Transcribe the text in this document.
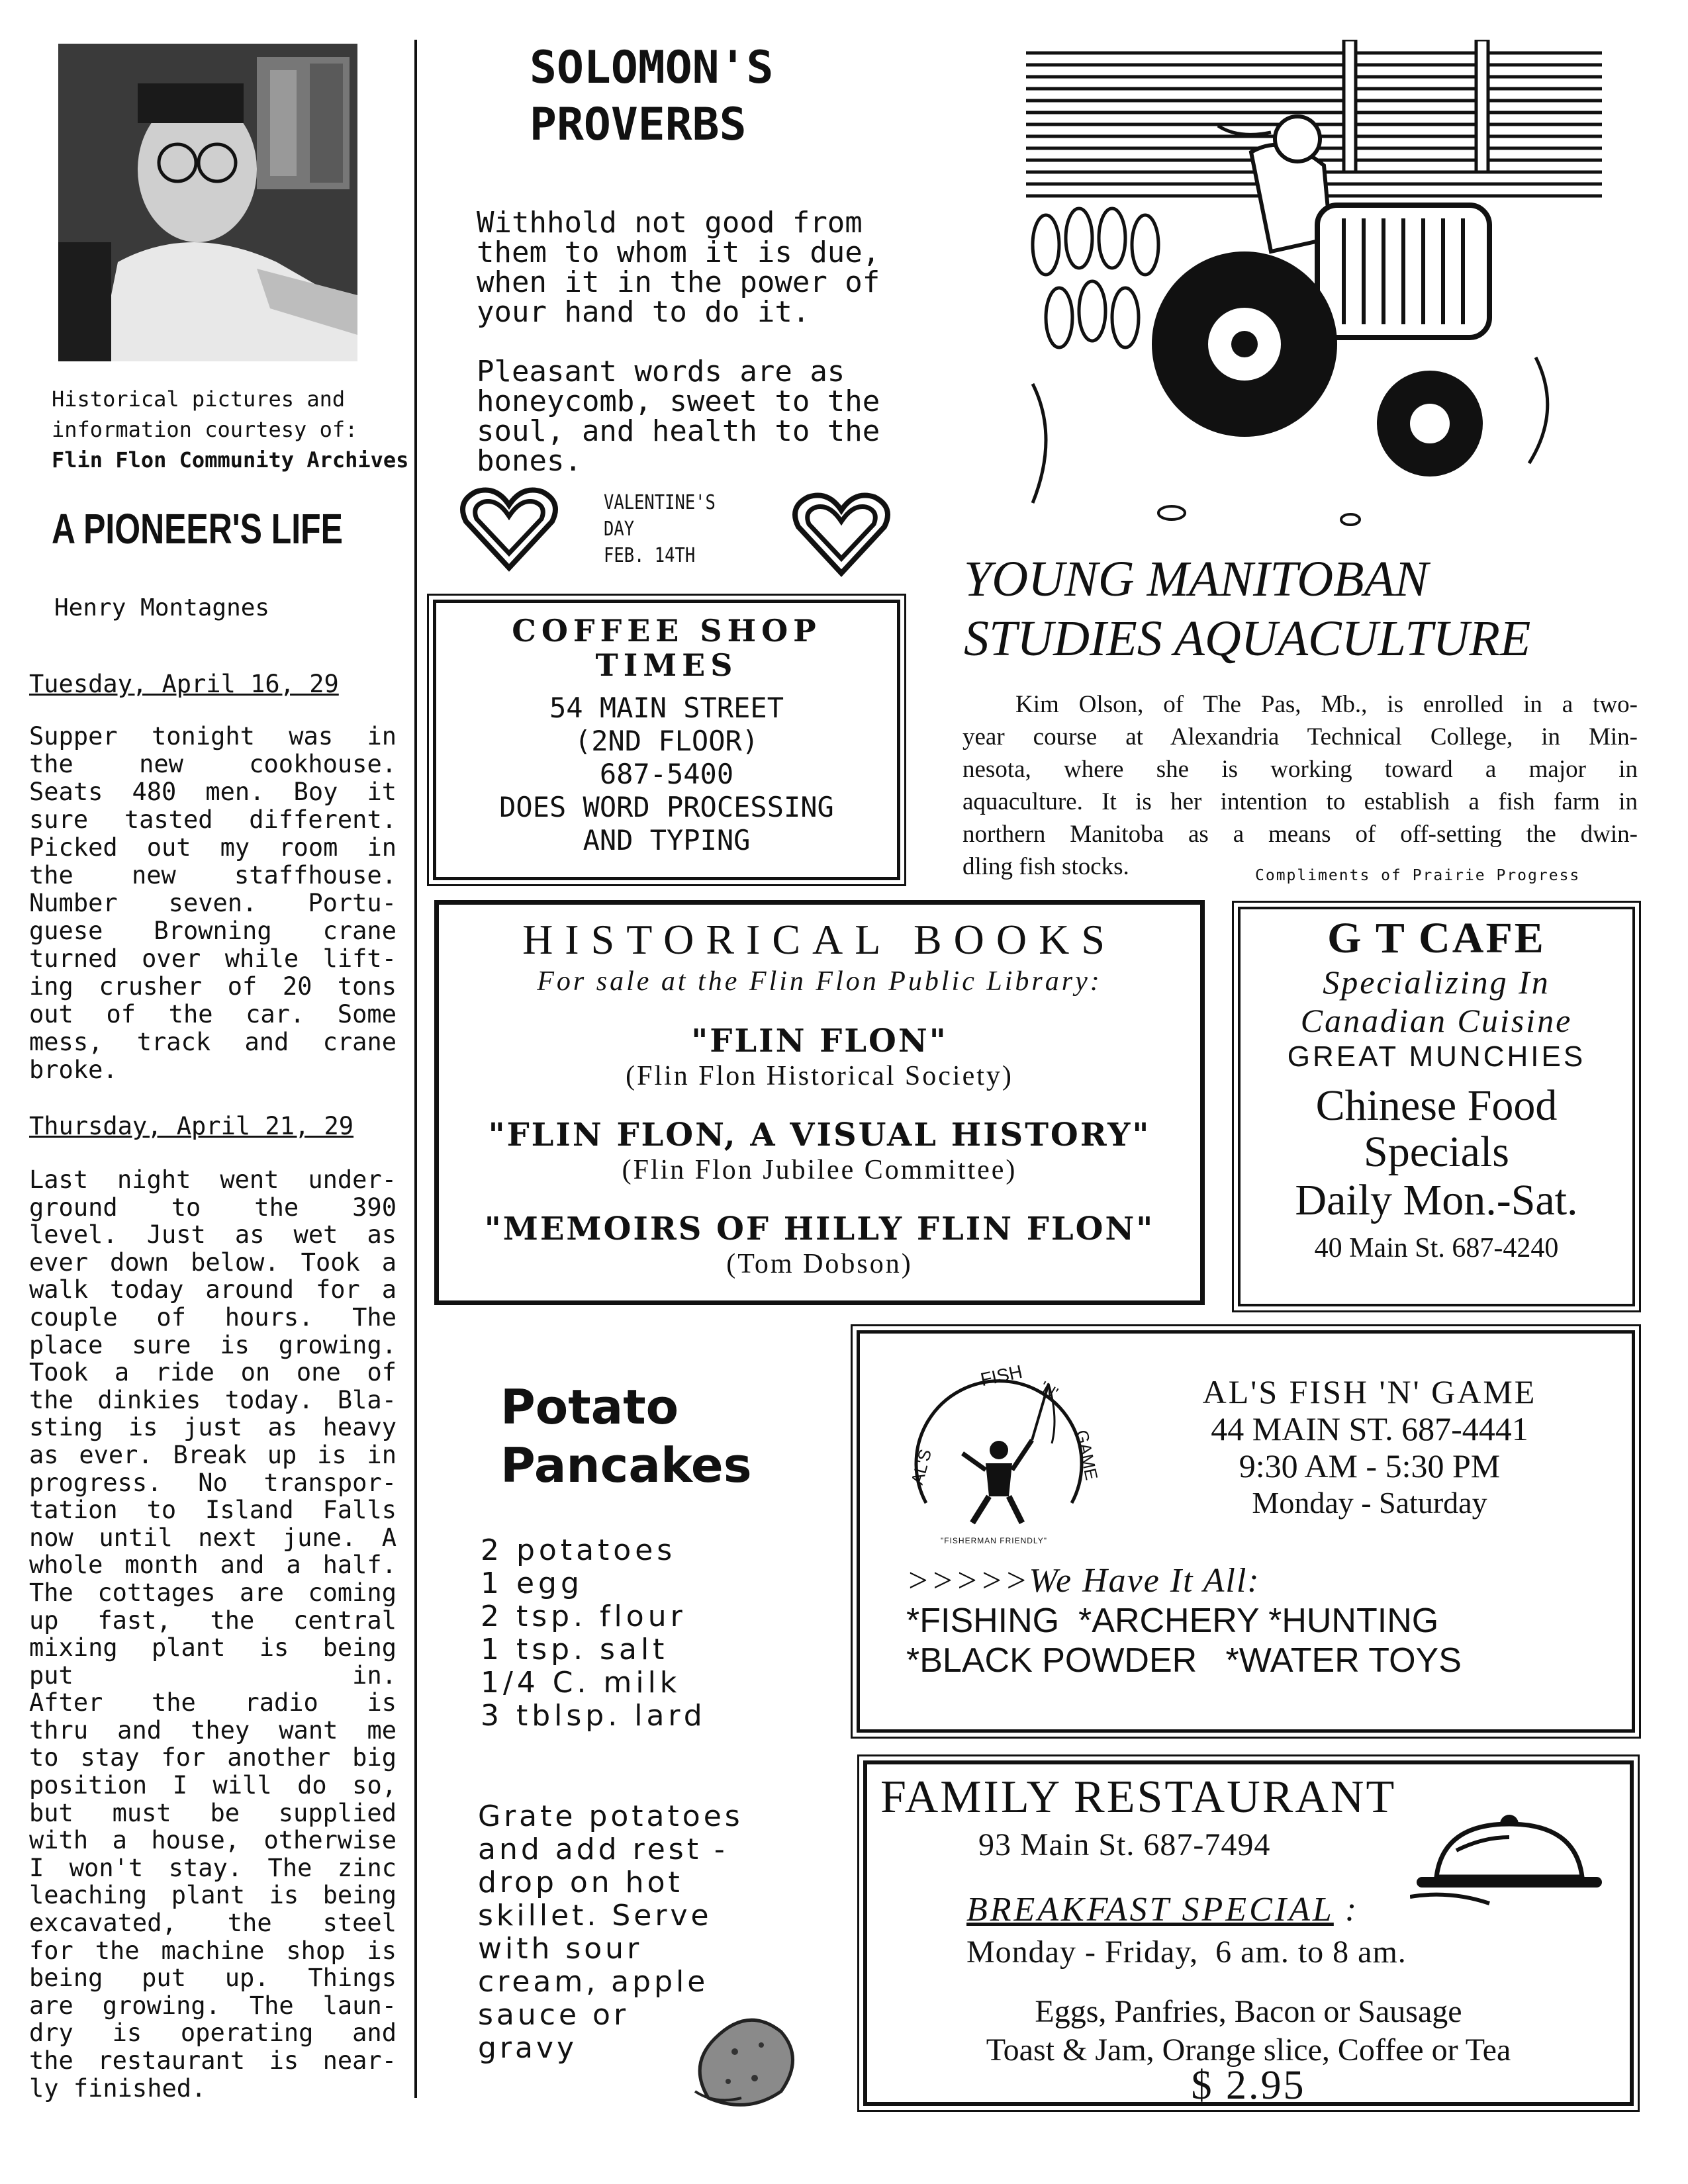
Historical pictures and
information courtesy of:
Flin Flon Community Archives
A PIONEER'S LIFE
Henry Montagnes
Tuesday, April 16, 29
Supper tonight was in
the new cookhouse.
Seats 480 men. Boy it
sure tasted different.
Picked out my room in
the new staffhouse.
Number seven. Portu-
guese Browning crane
turned over while lift-
ing crusher of 20 tons
out of the car. Some
mess, track and crane
broke.
Thursday, April 21, 29
Last night went under-
ground to the 390
level. Just as wet as
ever down below. Took a
walk today around for a
couple of hours. The
place sure is growing.
Took a ride on one of
the dinkies today. Bla-
sting is just as heavy
as ever. Break up is in
progress. No transpor-
tation to Island Falls
now until next june. A
whole month and a half.
The cottages are coming
up fast, the central
mixing plant is being
put in.
After the radio is
thru and they want me
to stay for another big
position I will do so,
but must be supplied
with a house, otherwise
I won't stay. The zinc
leaching plant is being
excavated, the steel
for the machine shop is
being put up. Things
are growing. The laun-
dry is operating and
the restaurant is near-
ly finished.
SOLOMON'S
PROVERBS
Withhold not good from
them to whom it is due,
when it in the power of
your hand to do it.
Pleasant words are as
honeycomb, sweet to the
soul, and health to the
bones.
VALENTINE'S
DAY
FEB. 14TH
COFFEE SHOP
TIMES
54 MAIN STREET
(2ND FLOOR)
687-5400
DOES WORD PROCESSING
AND TYPING
YOUNG MANITOBAN
STUDIES AQUACULTURE
Kim Olson, of The Pas, Mb., is enrolled in a two-
year course at Alexandria Technical College, in Min-
nesota, where she is working toward a major in
aquaculture. It is her intention to establish a fish farm in
northern Manitoba as a means of off-setting the dwin-
dling fish stocks.	Compliments of Prairie Progress
HISTORICAL BOOKS
For sale at the Flin Flon Public Library:
"FLIN FLON"
(Flin Flon Historical Society)
"FLIN FLON, A VISUAL HISTORY"
(Flin Flon Jubilee Committee)
"MEMOIRS OF HILLY FLIN FLON"
(Tom Dobson)
G T CAFE
Specializing In
Canadian Cuisine
GREAT MUNCHIES
Chinese Food
Specials
Daily Mon.-Sat.
40 Main St. 687-4240
Potato
Pancakes
2 potatoes
1 egg
2 tsp. flour
1 tsp. salt
1/4 C. milk
3 tblsp. lard
Grate potatoes
and add rest -
drop on hot
skillet. Serve
with sour
cream, apple
sauce or
gravy
FISH
'N'
AL'S	GAME
"FISHERMAN FRIENDLY"
AL'S FISH 'N' GAME
44 MAIN ST. 687-4441
9:30 AM - 5:30 PM
Monday - Saturday
>>>>>We Have It All:
*FISHING  *ARCHERY *HUNTING
*BLACK POWDER   *WATER TOYS
FAMILY RESTAURANT
93 Main St. 687-7494
BREAKFAST SPECIAL :
Monday - Friday,  6 am. to 8 am.
Eggs, Panfries, Bacon or Sausage
Toast & Jam, Orange slice, Coffee or Tea
$ 2.95
